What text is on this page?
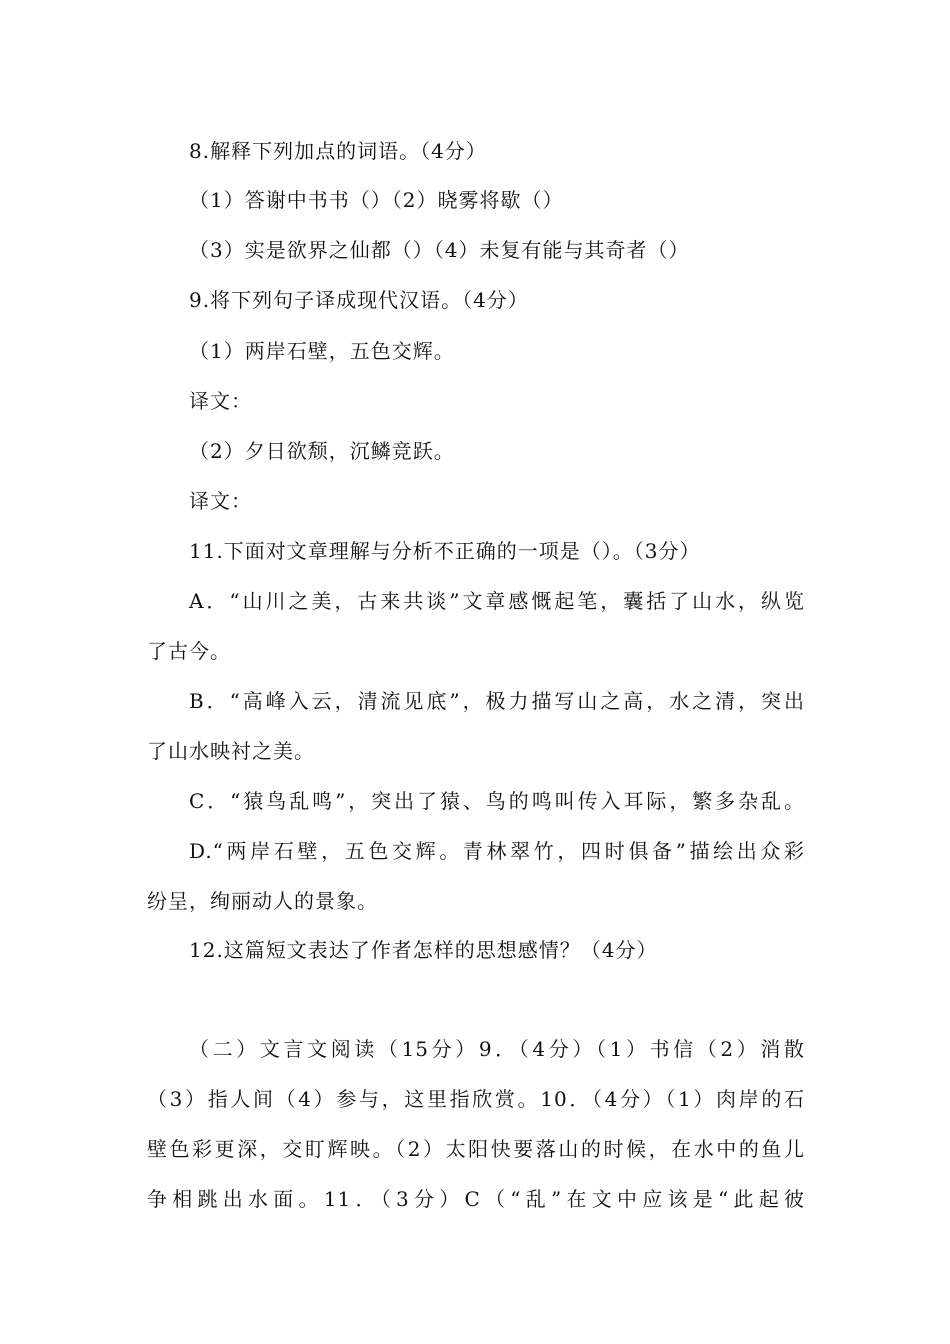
8.解释下列加点的词语。（4分）

（1）答谢中书书（）（2）晓雾将歇（）

（3）实是欲界之仙都（）（4）未复有能与其奇者（）

9.将下列句子译成现代汉语。（4分）

（1）两岸石壁，五色交辉。

译文：

（2）夕日欲颓，沉鳞竞跃。

译文：

11.下面对文章理解与分析不正确的一项是（）。（3分）

A．“山川之美，古来共谈”文章感慨起笔，囊括了山水，纵览

了古今。

B．“高峰入云，清流见底”，极力描写山之高，水之清，突出

了山水映衬之美。

C．“猿鸟乱鸣”，突出了猿、鸟的鸣叫传入耳际，繁多杂乱。

D.“两岸石壁，五色交辉。青林翠竹，四时俱备”描绘出众彩

纷呈，绚丽动人的景象。

12.这篇短文表达了作者怎样的思想感情？（4分）

（二）文言文阅读（15分）9．（4分）（1）书信（2）消散

（3）指人间（4）参与，这里指欣赏。10．（4分）（1）肉岸的石

壁色彩更深，交盯辉映。（2）太阳快要落山的时候，在水中的鱼儿

争相跳出水面。11．（3分）C（“乱”在文中应该是“此起彼
